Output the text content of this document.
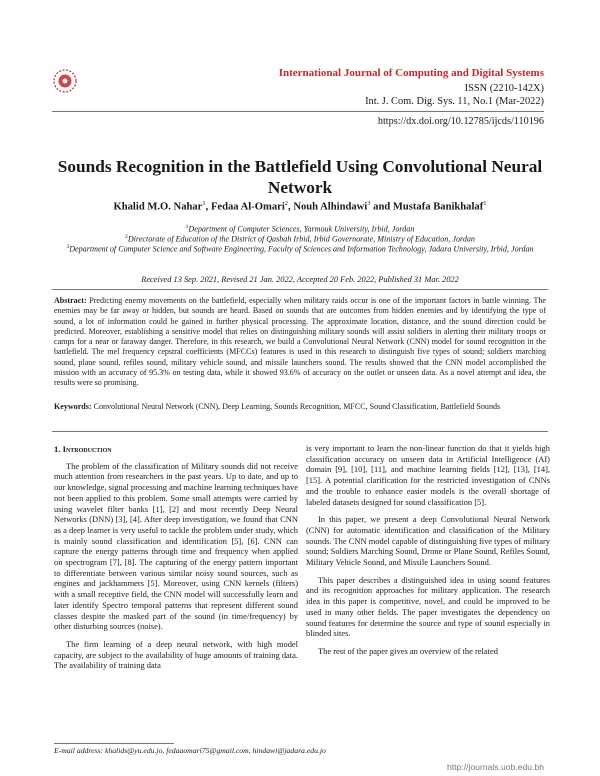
International Journal of Computing and Digital Systems
ISSN (2210-142X)
Int. J. Com. Dig. Sys. 11, No.1 (Mar-2022)
https://dx.doi.org/10.12785/ijcds/110196
Sounds Recognition in the Battlefield Using Convolutional Neural Network
Khalid M.O. Nahar$^1$, Fedaa Al-Omari$^2$, Nouh Alhindawi$^3$ and Mustafa Banikhalaf$^1$
$^1$Department of Computer Sciences, Yarmouk University, Irbid, Jordan
$^2$Directorate of Education of the District of Qasbah Irbid, Irbid Governorate, Ministry of Education, Jordan
$^3$Department of Computer Science and Software Engineering, Faculty of Sciences and Information Technology, Jadara University, Irbid, Jordan
Received 13 Sep. 2021, Revised 21 Jan. 2022, Accepted 20 Feb. 2022, Published 31 Mar. 2022
Abstract: Predicting enemy movements on the battlefield, especially when military raids occur is one of the important factors in battle winning. The enemies may be far away or hidden, but sounds are heard. Based on sounds that are outcomes from hidden enemies and by identifying the type of sound, a lot of information could be gained in further physical processing. The approximate location, distance, and the sound direction could be predicted. Moreover, establishing a sensitive model that relies on distinguishing military sounds will assist soldiers in alerting their military troops or camps for a near or faraway danger. Therefore, in this research, we build a Convolutional Neural Network (CNN) model for sound recognition in the battlefield. The mel frequency cepstral coefficients (MFCCs) features is used in this research to distinguish five types of sound; soldiers marching sound, plane sound, refiles sound, military vehicle sound, and missile launchers sound. The results showed that the CNN model accomplished the mission with an accuracy of 95.3% on testing data, while it showed 93.6% of accuracy on the outlet or unseen data. As a novel attempt and idea, the results were so promising.
Keywords: Convolutional Neural Network (CNN), Deep Learning, Sounds Recognition, MFCC, Sound Classification, Battlefield Sounds
1. Introduction

The problem of the classification of Military sounds did not receive much attention from researchers in the past years. Up to date, and up to our knowledge, signal processing and machine learning techniques have not been applied to this problem. Some small attempts were carried by using wavelet filter banks [1], [2] and most recently Deep Neural Networks (DNN) [3], [4]. After deep investigation, we found that CNN as a deep learner is very useful to tackle the problem under study, which is mainly sound classification and identification [5], [6]. CNN can capture the energy patterns through time and frequency when applied on spectrogram [7], [8]. The capturing of the energy pattern important to differentiate between various similar noisy sound sources, such as engines and jackhammers [5]. Moreover, using CNN kernels (filters) with a small receptive field, the CNN model will successfully learn and later identify Spectro temporal patterns that represent different sound classes despite the masked part of the sound (in time/frequency) by other disturbing sources (noise).

The firm learning of a deep neural network, with high model capacity, are subject to the availability of huge amounts of training data. The availability of training data

is very important to learn the non-linear function do that it yields high classification accuracy on unseen data in Artificial Intelligence (AI) domain [9], [10], [11], and machine learning fields [12], [13], [14], [15]. A potential clarification for the restricted investigation of CNNs and the trouble to enhance easier models is the overall shortage of labeled datasets designed for sound classification [5].

In this paper, we present a deep Convolutional Neural Network (CNN) for automatic identification and classification of the Military sounds. The CNN model capable of distinguishing five types of military sound; Soldiers Marching Sound, Drone or Plane Sound, Refiles Sound, Military Vehicle Sound, and Missile Launchers Sound.

This paper describes a distinguished idea in using sound features and its recognition approaches for military application. The research idea in this paper is competitive, novel, and could be improved to be used in many other fields. The paper investigates the dependency on sound features for determine the source and type of sound especially in blinded sites.

The rest of the paper gives an overview of the related

E-mail address: khalids@yu.edu.jo, fedaaomari75@gmail.com, hindawi@jadara.edu.jo
http://journals.uob.edu.bh
